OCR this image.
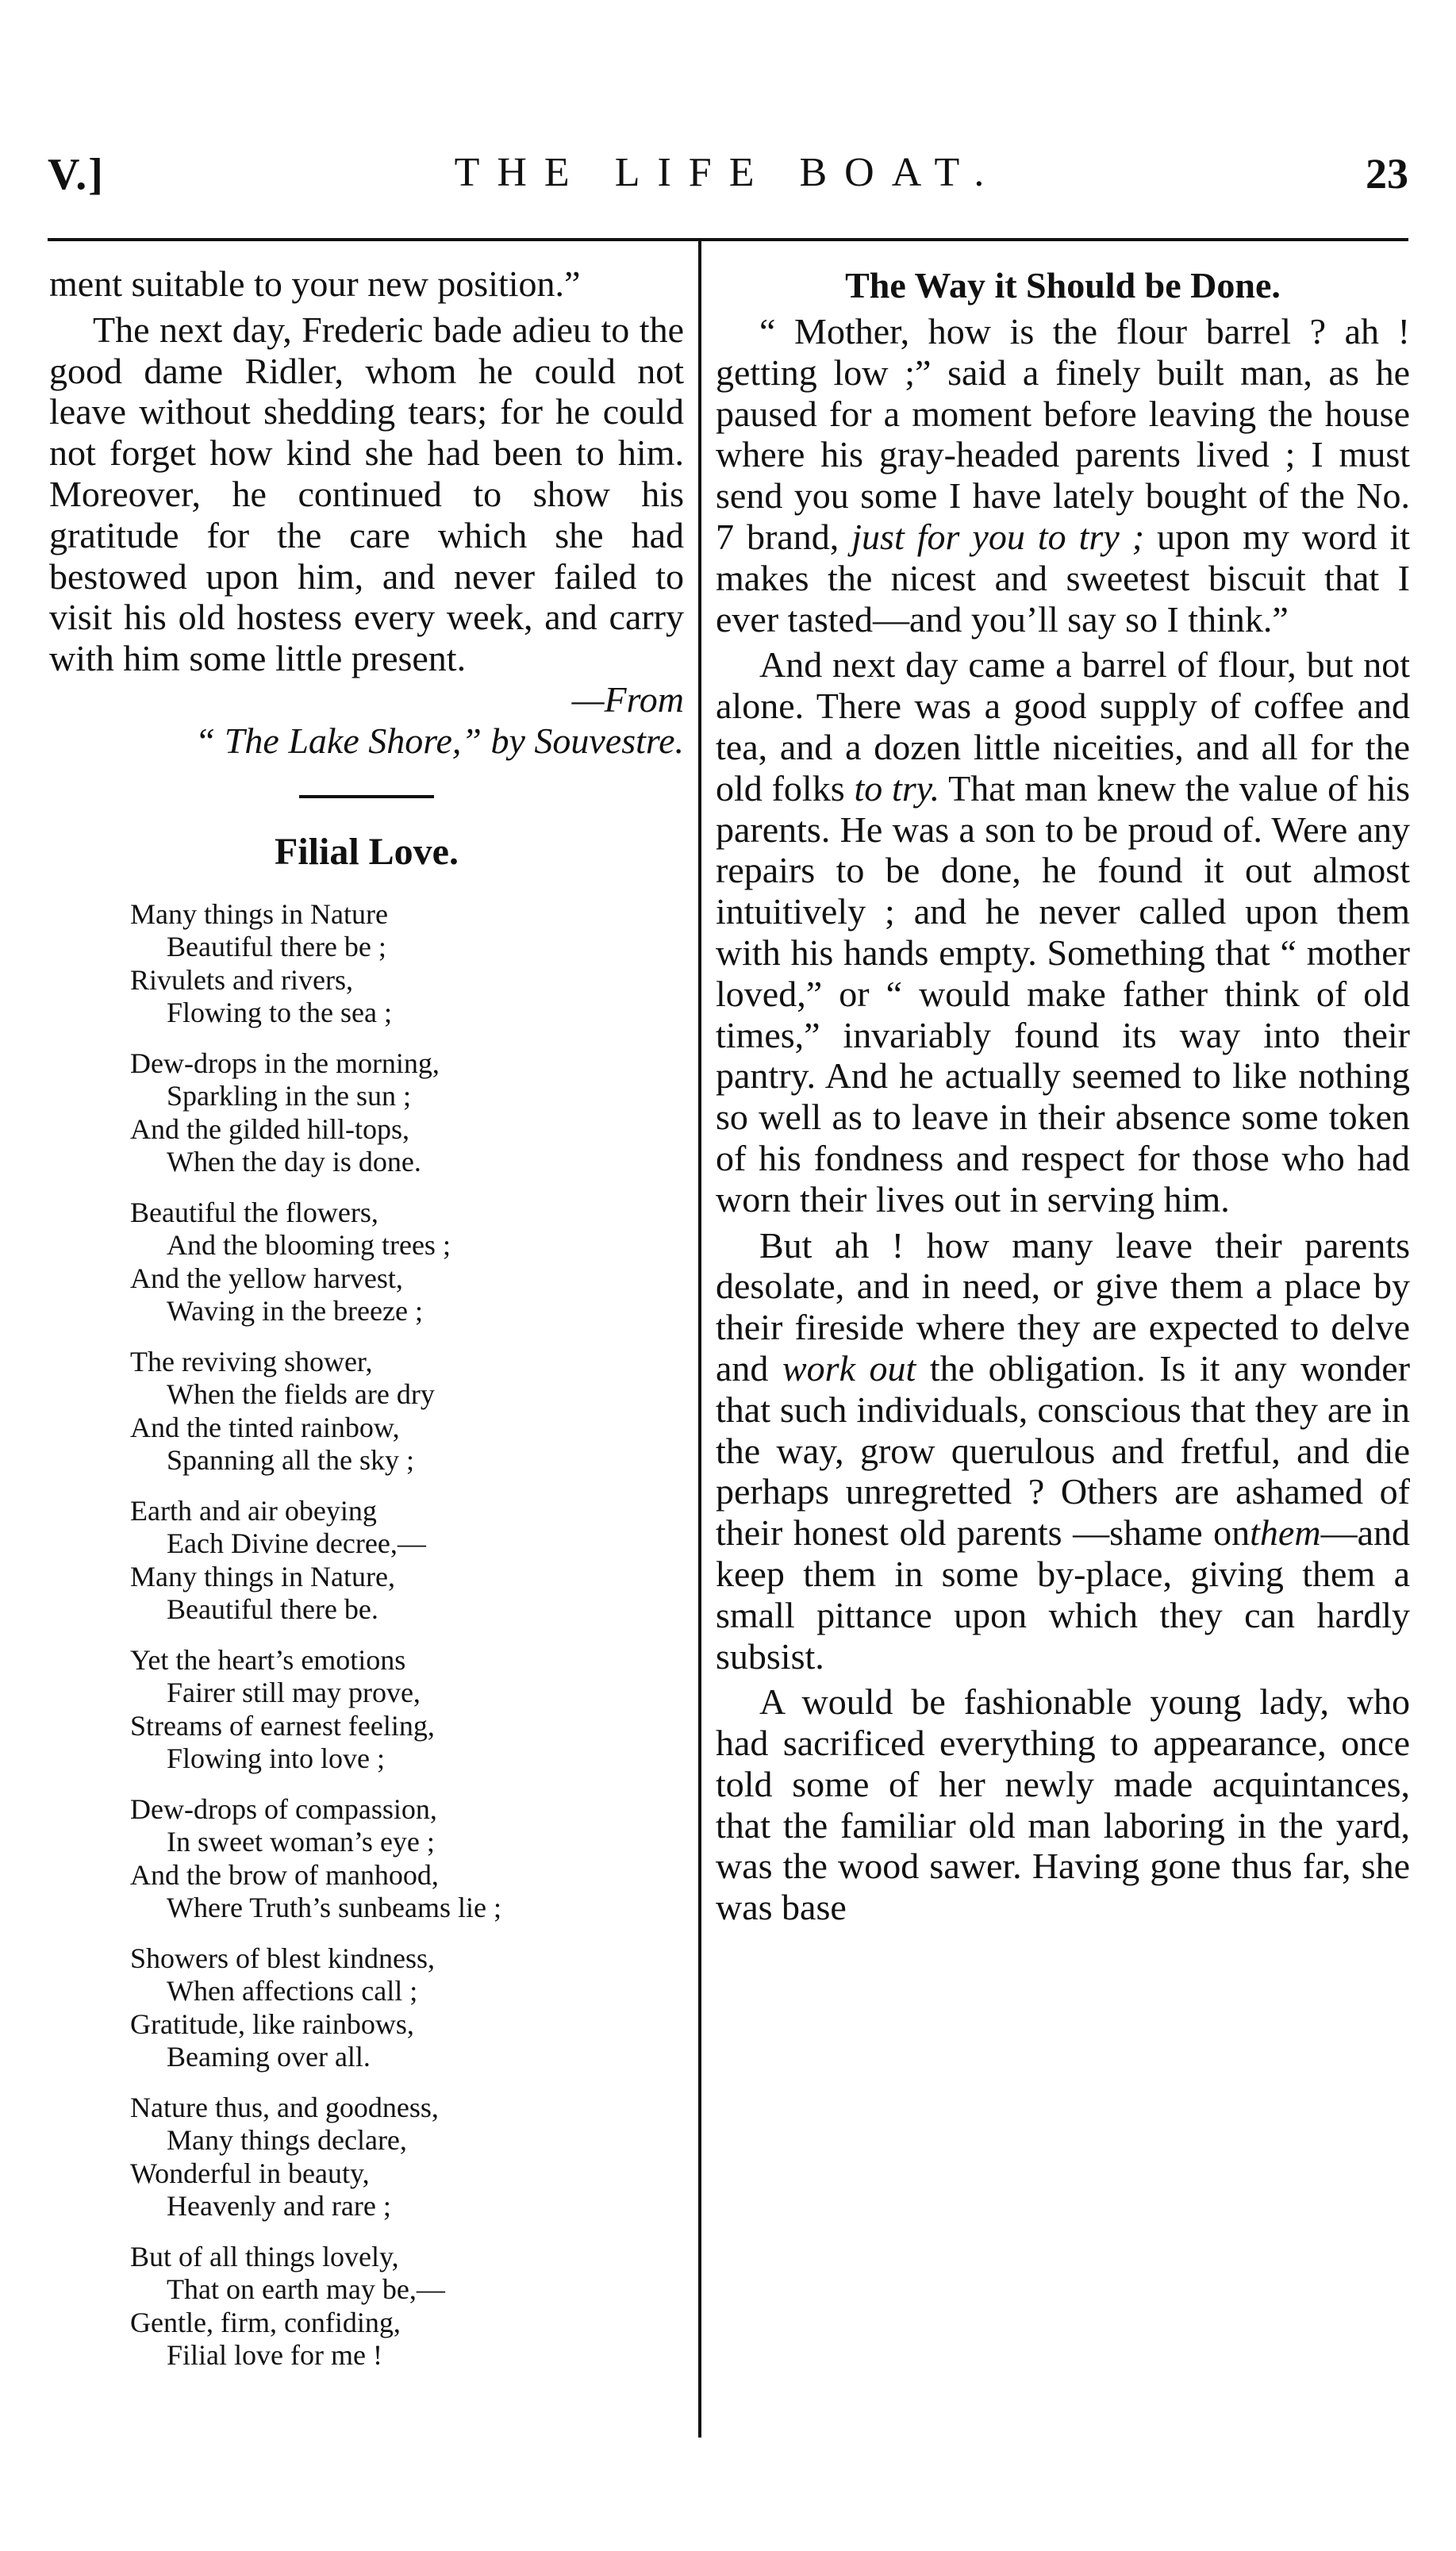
V.]	THE LIFE BOAT.	23

ment suitable to your new position.”

The next day, Frederic bade adieu to the good dame Ridler, whom he could not leave without shedding tears; for he could not forget how kind she had been to him. Moreover, he continued to show his gratitude for the care which she had bestowed upon him, and never failed to visit his old hostess every week, and carry with him some little present.

—From
“ The Lake Shore,” by Souvestre.

Filial Love.
Many things in Nature
Beautiful there be ;
Rivulets and rivers,
Flowing to the sea ;
Dew-drops in the morning,
Sparkling in the sun ;
And the gilded hill-tops,
When the day is done.
Beautiful the flowers,
And the blooming trees ;
And the yellow harvest,
Waving in the breeze ;
The reviving shower,
When the fields are dry
And the tinted rainbow,
Spanning all the sky ;
Earth and air obeying
Each Divine decree,—
Many things in Nature,
Beautiful there be.
Yet the heart’s emotions
Fairer still may prove,
Streams of earnest feeling,
Flowing into love ;
Dew-drops of compassion,
In sweet woman’s eye ;
And the brow of manhood,
Where Truth’s sunbeams lie ;
Showers of blest kindness,
When affections call ;
Gratitude, like rainbows,
Beaming over all.
Nature thus, and goodness,
Many things declare,
Wonderful in beauty,
Heavenly and rare ;
But of all things lovely,
That on earth may be,—
Gentle, firm, confiding,
Filial love for me !
The Way it Should be Done.

“ Mother, how is the flour barrel ? ah ! getting low ;” said a finely built man, as he paused for a moment before leaving the house where his gray-headed parents lived ; I must send you some I have lately bought of the No. 7 brand, just for you to try ; upon my word it makes the nicest and sweetest biscuit that I ever tasted—and you’ll say so I think.”

And next day came a barrel of flour, but not alone. There was a good supply of coffee and tea, and a dozen little niceities, and all for the old folks to try. That man knew the value of his parents. He was a son to be proud of. Were any repairs to be done, he found it out almost intuitively ; and he never called upon them with his hands empty. Something that “ mother loved,” or “ would make father think of old times,” invariably found its way into their pantry. And he actually seemed to like nothing so well as to leave in their absence some token of his fondness and respect for those who had worn their lives out in serving him.

But ah ! how many leave their parents desolate, and in need, or give them a place by their fireside where they are expected to delve and work out the obligation. Is it any wonder that such individuals, conscious that they are in the way, grow querulous and fretful, and die perhaps unregretted ? Others are ashamed of their honest old parents —shame onthem—and keep them in some by-place, giving them a small pittance upon which they can hardly subsist.

A would be fashionable young lady, who had sacrificed everything to appearance, once told some of her newly made acquintances, that the familiar old man laboring in the yard, was the wood sawer. Having gone thus far, she was base
